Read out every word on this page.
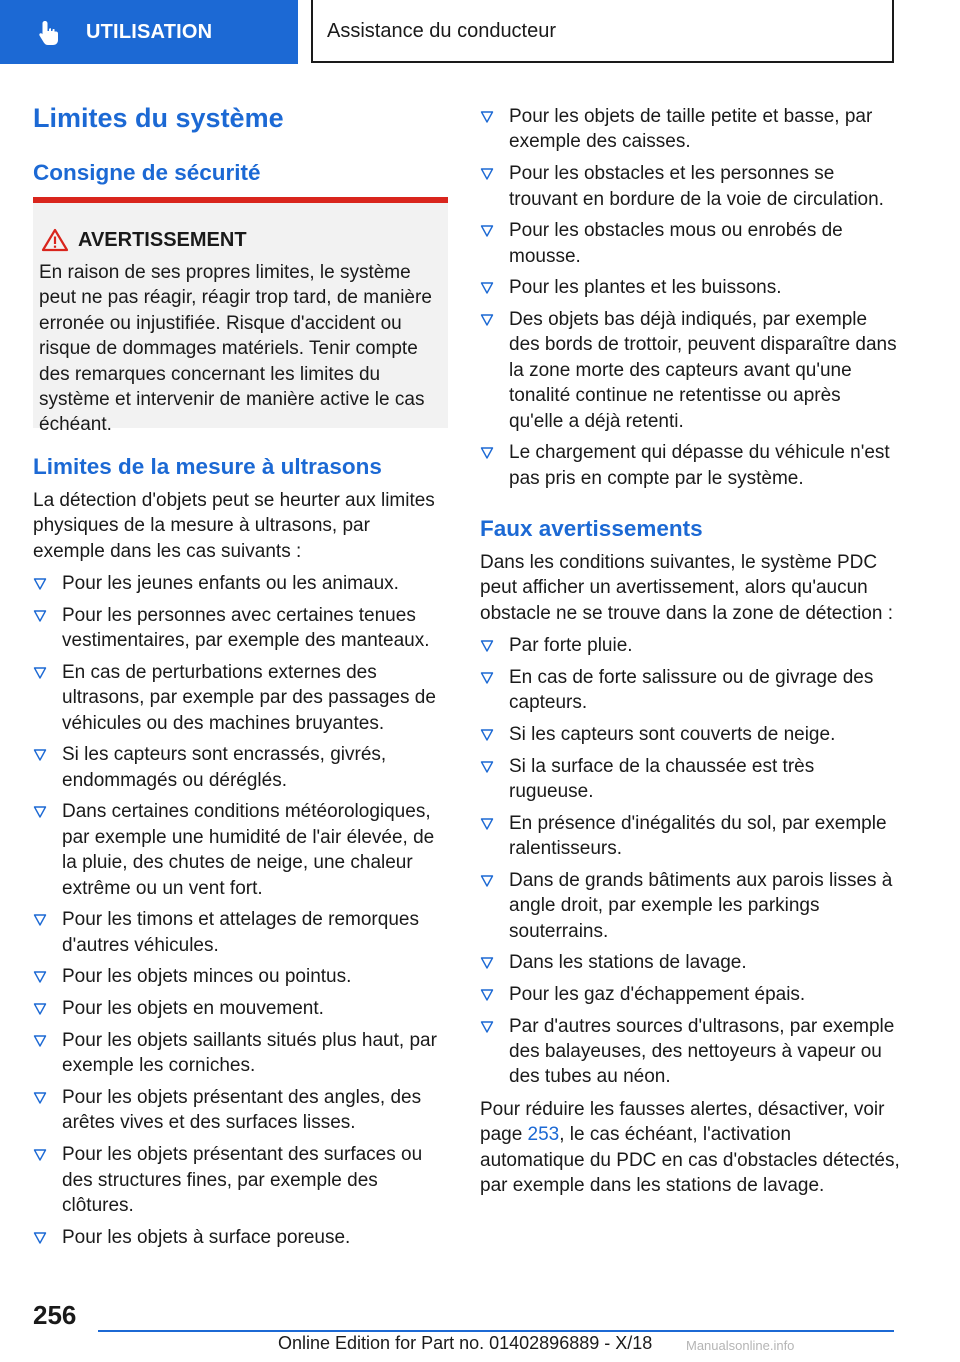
UTILISATION	Assistance du conducteur
Limites du système
Consigne de sécurité
AVERTISSEMENT

En raison de ses propres limites, le système peut ne pas réagir, réagir trop tard, de manière erronée ou injustifiée. Risque d'accident ou risque de dommages matériels. Tenir compte des remarques concernant les limites du système et intervenir de manière active le cas échéant.

Limites de la mesure à ultrasons

La détection d'objets peut se heurter aux limites physiques de la mesure à ultrasons, par exemple dans les cas suivants :

Pour les jeunes enfants ou les animaux.
Pour les personnes avec certaines tenues vestimentaires, par exemple des manteaux.
En cas de perturbations externes des ultrasons, par exemple par des passages de véhicules ou des machines bruyantes.
Si les capteurs sont encrassés, givrés, endommagés ou déréglés.
Dans certaines conditions météorologiques, par exemple une humidité de l'air élevée, de la pluie, des chutes de neige, une chaleur extrême ou un vent fort.
Pour les timons et attelages de remorques d'autres véhicules.
Pour les objets minces ou pointus.
Pour les objets en mouvement.
Pour les objets saillants situés plus haut, par exemple les corniches.
Pour les objets présentant des angles, des arêtes vives et des surfaces lisses.
Pour les objets présentant des surfaces ou des structures fines, par exemple des clôtures.
Pour les objets à surface poreuse.
Pour les objets de taille petite et basse, par exemple des caisses.
Pour les obstacles et les personnes se trouvant en bordure de la voie de circulation.
Pour les obstacles mous ou enrobés de mousse.
Pour les plantes et les buissons.
Des objets bas déjà indiqués, par exemple des bords de trottoir, peuvent disparaître dans la zone morte des capteurs avant qu'une tonalité continue ne retentisse ou après qu'elle a déjà retenti.
Le chargement qui dépasse du véhicule n'est pas pris en compte par le système.
Faux avertissements

Dans les conditions suivantes, le système PDC peut afficher un avertissement, alors qu'aucun obstacle ne se trouve dans la zone de détection :

Par forte pluie.
En cas de forte salissure ou de givrage des capteurs.
Si les capteurs sont couverts de neige.
Si la surface de la chaussée est très rugueuse.
En présence d'inégalités du sol, par exemple ralentisseurs.
Dans de grands bâtiments aux parois lisses à angle droit, par exemple les parkings souterrains.
Dans les stations de lavage.
Pour les gaz d'échappement épais.
Par d'autres sources d'ultrasons, par exemple des balayeuses, des nettoyeurs à vapeur ou des tubes au néon.

Pour réduire les fausses alertes, désactiver, voir page 253, le cas échéant, l'activation automatique du PDC en cas d'obstacles détectés, par exemple dans les stations de lavage.

256
Online Edition for Part no. 01402896889 - X/18	Manualsonline.info
